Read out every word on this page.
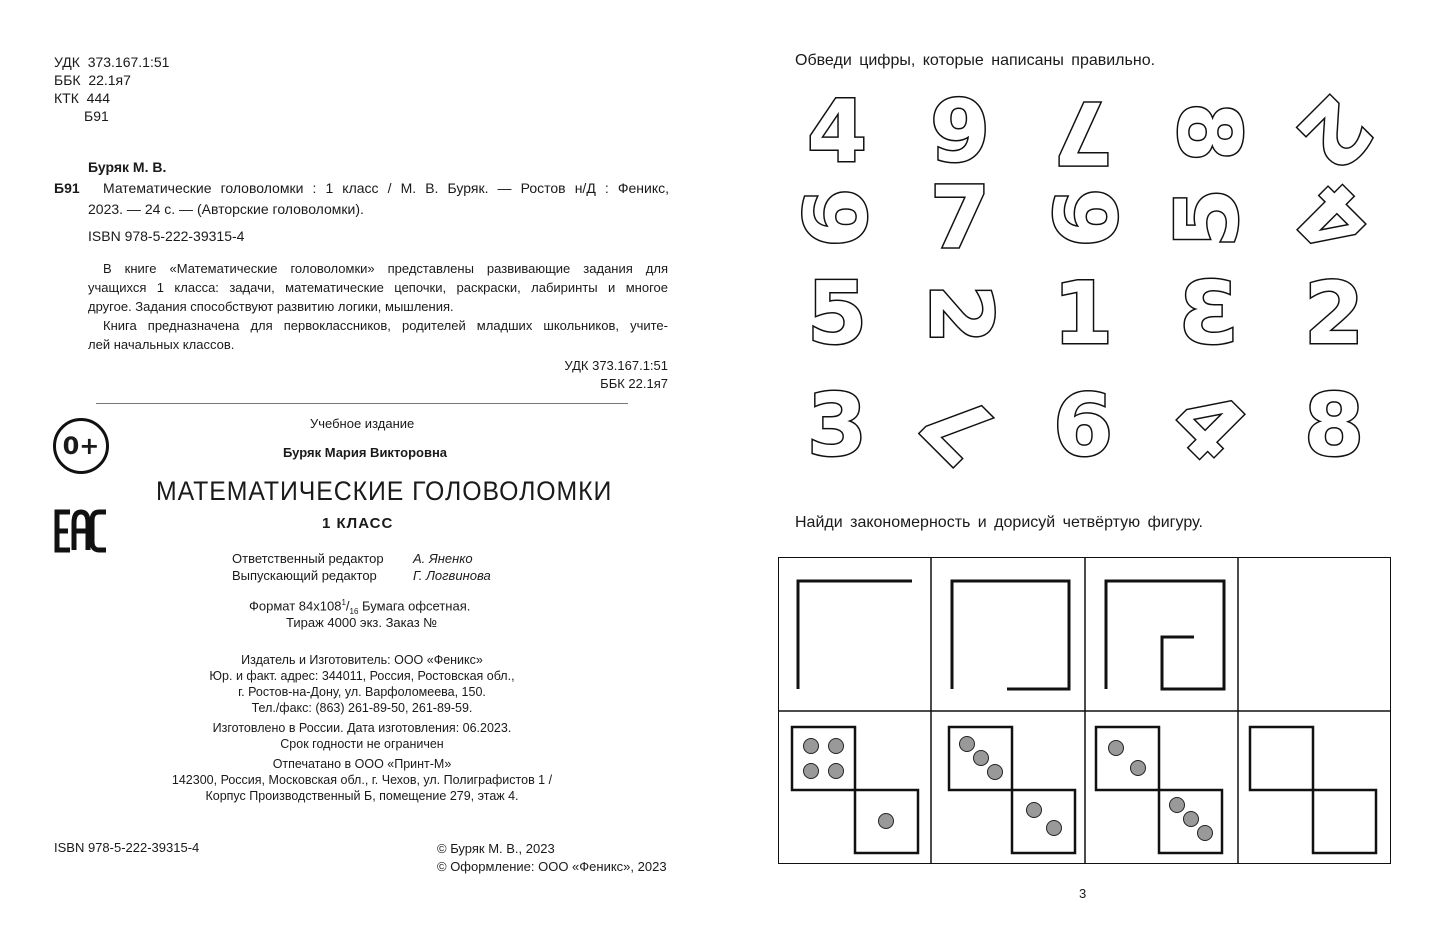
УДК 373.167.1:51
ББК 22.1я7
КТК 444
Б91
Буряк М. В.
Б91 Математические головоломки : 1 класс / М. В. Буряк. — Ростов н/Д : Феникс,
2023. — 24 с. — (Авторские головоломки).
ISBN 978-5-222-39315-4
В книге «Математические головоломки» представлены развивающие задания для
учащихся 1 класса: задачи, математические цепочки, раскраски, лабиринты и многое
другое. Задания способствуют развитию логики, мышления.
Книга предназначена для первоклассников, родителей младших школьников, учите-
лей начальных классов.
УДК 373.167.1:51
ББК 22.1я7
0+
Учебное издание
Буряк Мария Викторовна
МАТЕМАТИЧЕСКИЕ ГОЛОВОЛОМКИ
1 КЛАСС
Ответственный редактор А. Яненко
Выпускающий редактор	Г. Логвинова
Формат $84х108^1/_{16}$ Бумага офсетная.
Тираж 4000 экз. Заказ №
Издатель и Изготовитель: ООО «Феникс»
Юр. и факт. адрес: 344011, Россия, Ростовская обл.,
г. Ростов-на-Дону, ул. Варфоломеева, 150.
Тел./факс: (863) 261-89-50, 261-89-59.
Изготовлено в России. Дата изготовления: 06.2023.
Срок годности не ограничен
Отпечатано в ООО «Принт-М»
142300, Россия, Московская обл., г. Чехов, ул. Полиграфистов 1 /
Корпус Производственный Б, помещение 279, этаж 4.
ISBN 978-5-222-39315-4	© Буряк М. В., 2023
© Оформление: ООО «Феникс», 2023
Обведи цифры, которые написаны правильно.
4 9 7 8 2
6 7 9 5 4
5 2 1 3 2
3 7 6 4 8
Найди закономерность и дорисуй четвёртую фигуру.
3
